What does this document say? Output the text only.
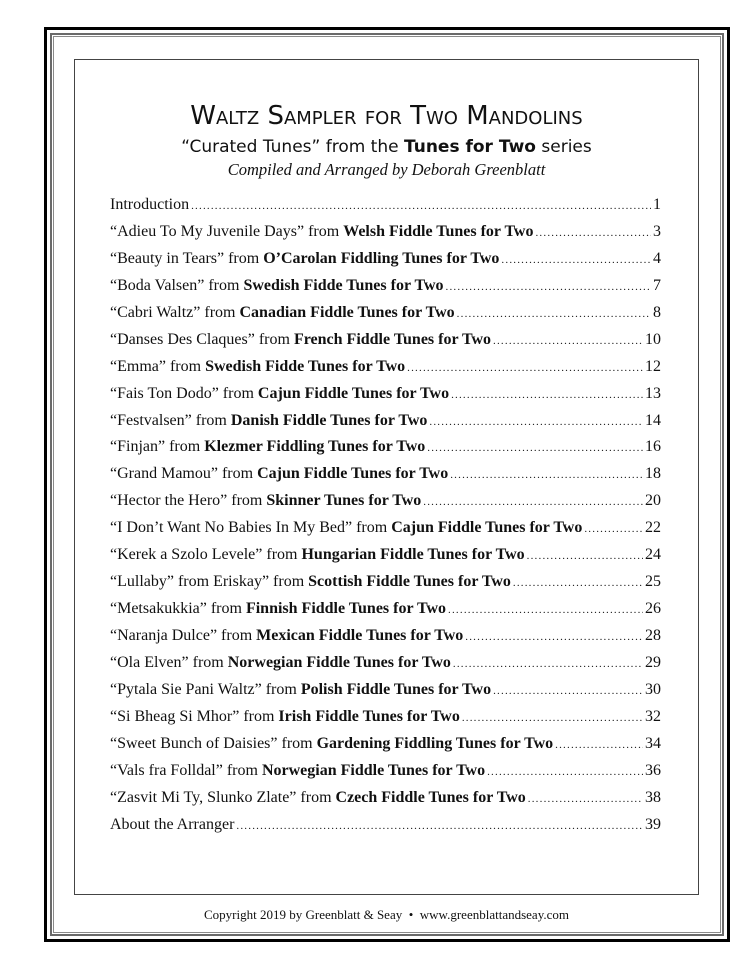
Waltz Sampler for Two Mandolins
“Curated Tunes” from the Tunes for Two series
Compiled and Arranged by Deborah Greenblatt
Introduction .....	1
“Adieu To My Juvenile Days” from Welsh Fiddle Tunes for Two .....	3
“Beauty in Tears” from O’Carolan Fiddling Tunes for Two .....	4
“Boda Valsen” from Swedish Fidde Tunes for Two .....	7
“Cabri Waltz” from Canadian Fiddle Tunes for Two .....	8
“Danses Des Claques” from French Fiddle Tunes for Two .....	10
“Emma” from Swedish Fidde Tunes for Two .....	12
“Fais Ton Dodo” from Cajun Fiddle Tunes for Two .....	13
“Festvalsen” from Danish Fiddle Tunes for Two .....	14
“Finjan” from Klezmer Fiddling Tunes for Two .....	16
“Grand Mamou” from Cajun Fiddle Tunes for Two .....	18
“Hector the Hero” from Skinner Tunes for Two .....	20
“I Don’t Want No Babies In My Bed” from Cajun Fiddle Tunes for Two .....	22
“Kerek a Szolo Levele” from Hungarian Fiddle Tunes for Two .....	24
“Lullaby” from Eriskay” from Scottish Fiddle Tunes for Two .....	25
“Metsakukkia” from Finnish Fiddle Tunes for Two .....	26
“Naranja Dulce” from Mexican Fiddle Tunes for Two .....	28
“Ola Elven” from Norwegian Fiddle Tunes for Two .....	29
“Pytala Sie Pani Waltz” from Polish Fiddle Tunes for Two .....	30
“Si Bheag Si Mhor” from Irish Fiddle Tunes for Two .....	32
“Sweet Bunch of Daisies” from Gardening Fiddling Tunes for Two .....	34
“Vals fra Folldal” from Norwegian Fiddle Tunes for Two .....	36
“Zasvit Mi Ty, Slunko Zlate” from Czech Fiddle Tunes for Two .....	38
About the Arranger .....	39
Copyright 2019 by Greenblatt & Seay • www.greenblattandseay.com
